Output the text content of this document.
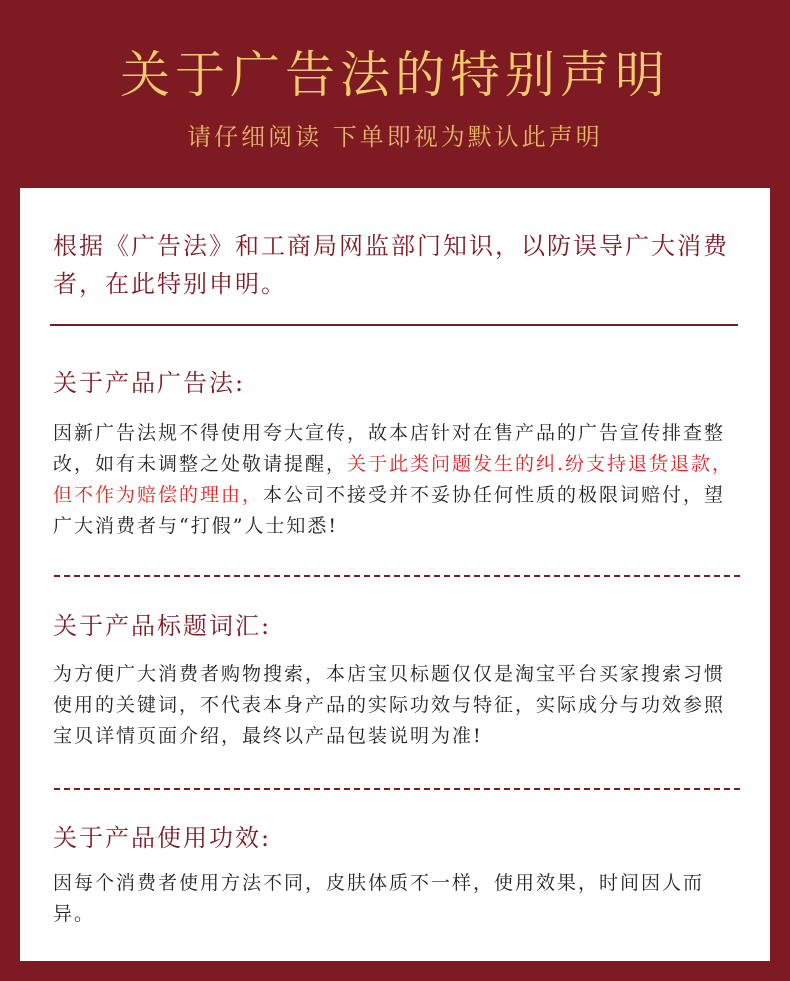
关于广告法的特别声明
请仔细阅读 下单即视为默认此声明
根据《广告法》和工商局网监部门知识，以防误导广大消费者，在此特别申明。
关于产品广告法:
因新广告法规不得使用夸大宣传，故本店针对在售产品的广告宣传排查整改，如有未调整之处敬请提醒，关于此类问题发生的纠.纷支持退货退款，但不作为赔偿的理由，本公司不接受并不妥协任何性质的极限词赔付，望广大消费者与“打假”人士知悉!
关于产品标题词汇:
为方便广大消费者购物搜索，本店宝贝标题仅仅是淘宝平台买家搜索习惯使用的关键词，不代表本身产品的实际功效与特征，实际成分与功效参照宝贝详情页面介绍，最终以产品包装说明为准!
关于产品使用功效:
因每个消费者使用方法不同，皮肤体质不一样，使用效果，时间因人而异。
